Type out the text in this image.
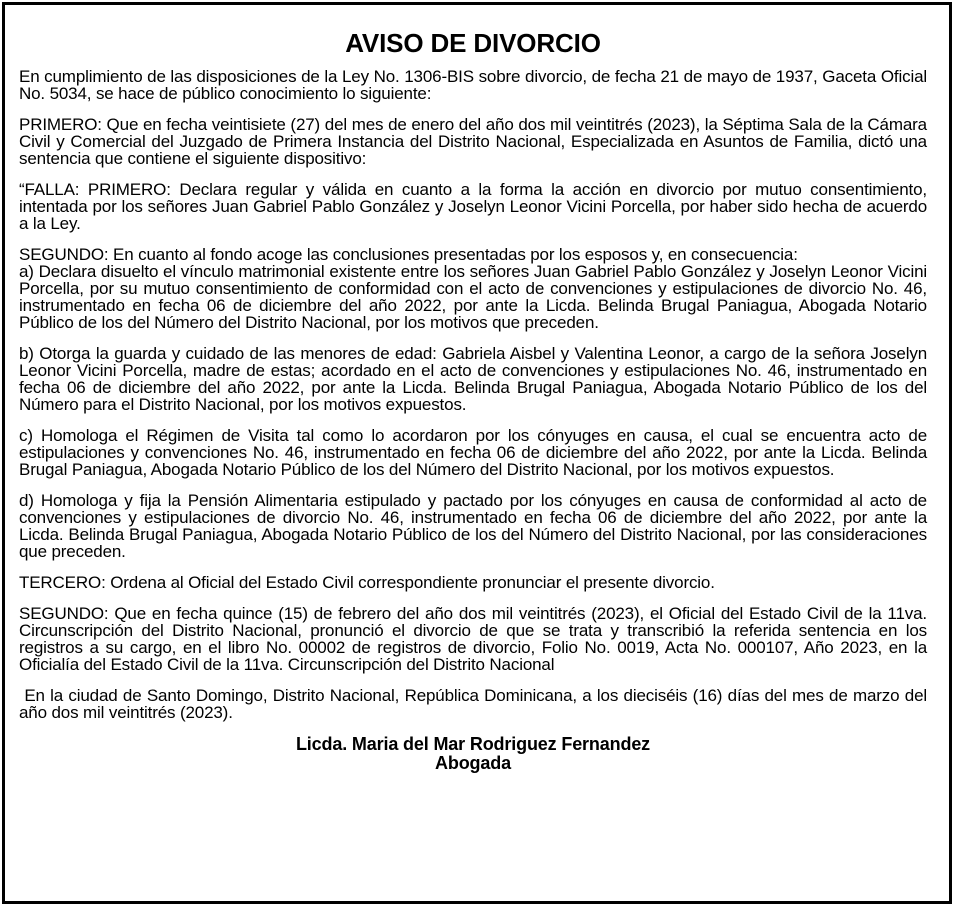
AVISO DE DIVORCIO
En cumplimiento de las disposiciones de la Ley No. 1306-BIS sobre divorcio, de fecha 21 de mayo de 1937, Gaceta Oficial No. 5034, se hace de público conocimiento lo siguiente:
PRIMERO: Que en fecha veintisiete (27) del mes de enero del año dos mil veintitrés (2023), la Séptima Sala de la Cámara Civil y Comercial del Juzgado de Primera Instancia del Distrito Nacional, Especializada en Asuntos de Familia, dictó una sentencia que contiene el siguiente dispositivo:
“FALLA: PRIMERO: Declara regular y válida en cuanto a la forma la acción en divorcio por mutuo consentimiento, intentada por los señores Juan Gabriel Pablo González y Joselyn Leonor Vicini Porcella, por haber sido hecha de acuerdo a la Ley.
SEGUNDO: En cuanto al fondo acoge las conclusiones presentadas por los esposos y, en consecuencia:
a) Declara disuelto el vínculo matrimonial existente entre los señores Juan Gabriel Pablo González y Joselyn Leonor Vicini Porcella, por su mutuo consentimiento de conformidad con el acto de convenciones y estipulaciones de divorcio No. 46, instrumentado en fecha 06 de diciembre del año 2022, por ante la Licda. Belinda Brugal Paniagua, Abogada Notario Público de los del Número del Distrito Nacional, por los motivos que preceden.
b) Otorga la guarda y cuidado de las menores de edad: Gabriela Aisbel y Valentina Leonor, a cargo de la señora Joselyn Leonor Vicini Porcella, madre de estas; acordado en el acto de convenciones y estipulaciones No. 46, instrumentado en fecha 06 de diciembre del año 2022, por ante la Licda. Belinda Brugal Paniagua, Abogada Notario Público de los del Número para el Distrito Nacional, por los motivos expuestos.
c) Homologa el Régimen de Visita tal como lo acordaron por los cónyuges en causa, el cual se encuentra acto de estipulaciones y convenciones No. 46, instrumentado en fecha 06 de diciembre del año 2022, por ante la Licda. Belinda Brugal Paniagua, Abogada Notario Público de los del Número del Distrito Nacional, por los motivos expuestos.
d) Homologa y fija la Pensión Alimentaria estipulado y pactado por los cónyuges en causa de conformidad al acto de convenciones y estipulaciones de divorcio No. 46, instrumentado en fecha 06 de diciembre del año 2022, por ante la Licda. Belinda Brugal Paniagua, Abogada Notario Público de los del Número del Distrito Nacional, por las consideraciones que preceden.
TERCERO: Ordena al Oficial del Estado Civil correspondiente pronunciar el presente divorcio.
SEGUNDO: Que en fecha quince (15) de febrero del año dos mil veintitrés (2023), el Oficial del Estado Civil de la 11va. Circunscripción del Distrito Nacional, pronunció el divorcio de que se trata y transcribió la referida sentencia en los registros a su cargo, en el libro No. 00002 de registros de divorcio, Folio No. 0019, Acta No. 000107, Año 2023, en la Oficialía del Estado Civil de la 11va. Circunscripción del Distrito Nacional
En la ciudad de Santo Domingo, Distrito Nacional, República Dominicana, a los dieciséis (16) días del mes de marzo del año dos mil veintitrés (2023).
Licda. Maria del Mar Rodriguez Fernandez
Abogada
